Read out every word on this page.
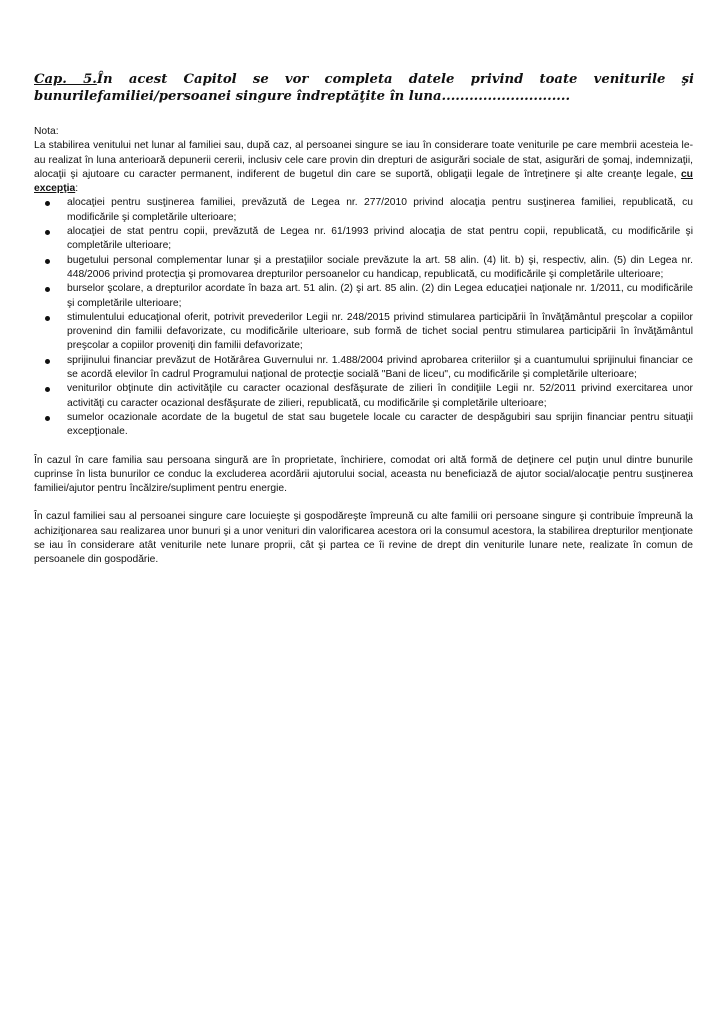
Cap. 5.În acest Capitol se vor completa datele privind toate veniturile şi bunurilefamiliei/persoanei singure îndreptăţite în luna............................

Nota:

La stabilirea venitului net lunar al familiei sau, după caz, al persoanei singure se iau în considerare toate veniturile pe care membrii acesteia le-au realizat în luna anterioară depunerii cererii, inclusiv cele care provin din drepturi de asigurări sociale de stat, asigurări de şomaj, indemnizaţii, alocaţii şi ajutoare cu caracter permanent, indiferent de bugetul din care se suportă, obligaţii legale de întreţinere şi alte creanţe legale, cu excepţia:

alocaţiei pentru susţinerea familiei, prevăzută de Legea nr. 277/2010 privind alocaţia pentru susţinerea familiei, republicată, cu modificările şi completările ulterioare;
alocaţiei de stat pentru copii, prevăzută de Legea nr. 61/1993 privind alocaţia de stat pentru copii, republicată, cu modificările şi completările ulterioare;
bugetului personal complementar lunar şi a prestaţiilor sociale prevăzute la art. 58 alin. (4) lit. b) şi, respectiv, alin. (5) din Legea nr. 448/2006 privind protecţia şi promovarea drepturilor persoanelor cu handicap, republicată, cu modificările şi completările ulterioare;
burselor şcolare, a drepturilor acordate în baza art. 51 alin. (2) şi art. 85 alin. (2) din Legea educaţiei naţionale nr. 1/2011, cu modificările şi completările ulterioare;
stimulentului educaţional oferit, potrivit prevederilor Legii nr. 248/2015 privind stimularea participării în învăţământul preşcolar a copiilor provenind din familii defavorizate, cu modificările ulterioare, sub formă de tichet social pentru stimularea participării în învăţământul preşcolar a copiilor proveniţi din familii defavorizate;
sprijinului financiar prevăzut de Hotărârea Guvernului nr. 1.488/2004 privind aprobarea criteriilor şi a cuantumului sprijinului financiar ce se acordă elevilor în cadrul Programului naţional de protecţie socială "Bani de liceu", cu modificările şi completările ulterioare;
veniturilor obţinute din activităţile cu caracter ocazional desfăşurate de zilieri în condiţiile Legii nr. 52/2011 privind exercitarea unor activităţi cu caracter ocazional desfăşurate de zilieri, republicată, cu modificările şi completările ulterioare;
sumelor ocazionale acordate de la bugetul de stat sau bugetele locale cu caracter de despăgubiri sau sprijin financiar pentru situaţii excepţionale.

În cazul în care familia sau persoana singură are în proprietate, închiriere, comodat ori altă formă de deţinere cel puţin unul dintre bunurile cuprinse în lista bunurilor ce conduc la excluderea acordării ajutorului social, aceasta nu beneficiază de ajutor social/alocaţie pentru susţinerea familiei/ajutor pentru încălzire/supliment pentru energie.

În cazul familiei sau al persoanei singure care locuieşte şi gospodăreşte împreună cu alte familii ori persoane singure şi contribuie împreună la achiziţionarea sau realizarea unor bunuri şi a unor venituri din valorificarea acestora ori la consumul acestora, la stabilirea drepturilor menţionate se iau în considerare atât veniturile nete lunare proprii, cât şi partea ce îi revine de drept din veniturile lunare nete, realizate în comun de persoanele din gospodărie.
